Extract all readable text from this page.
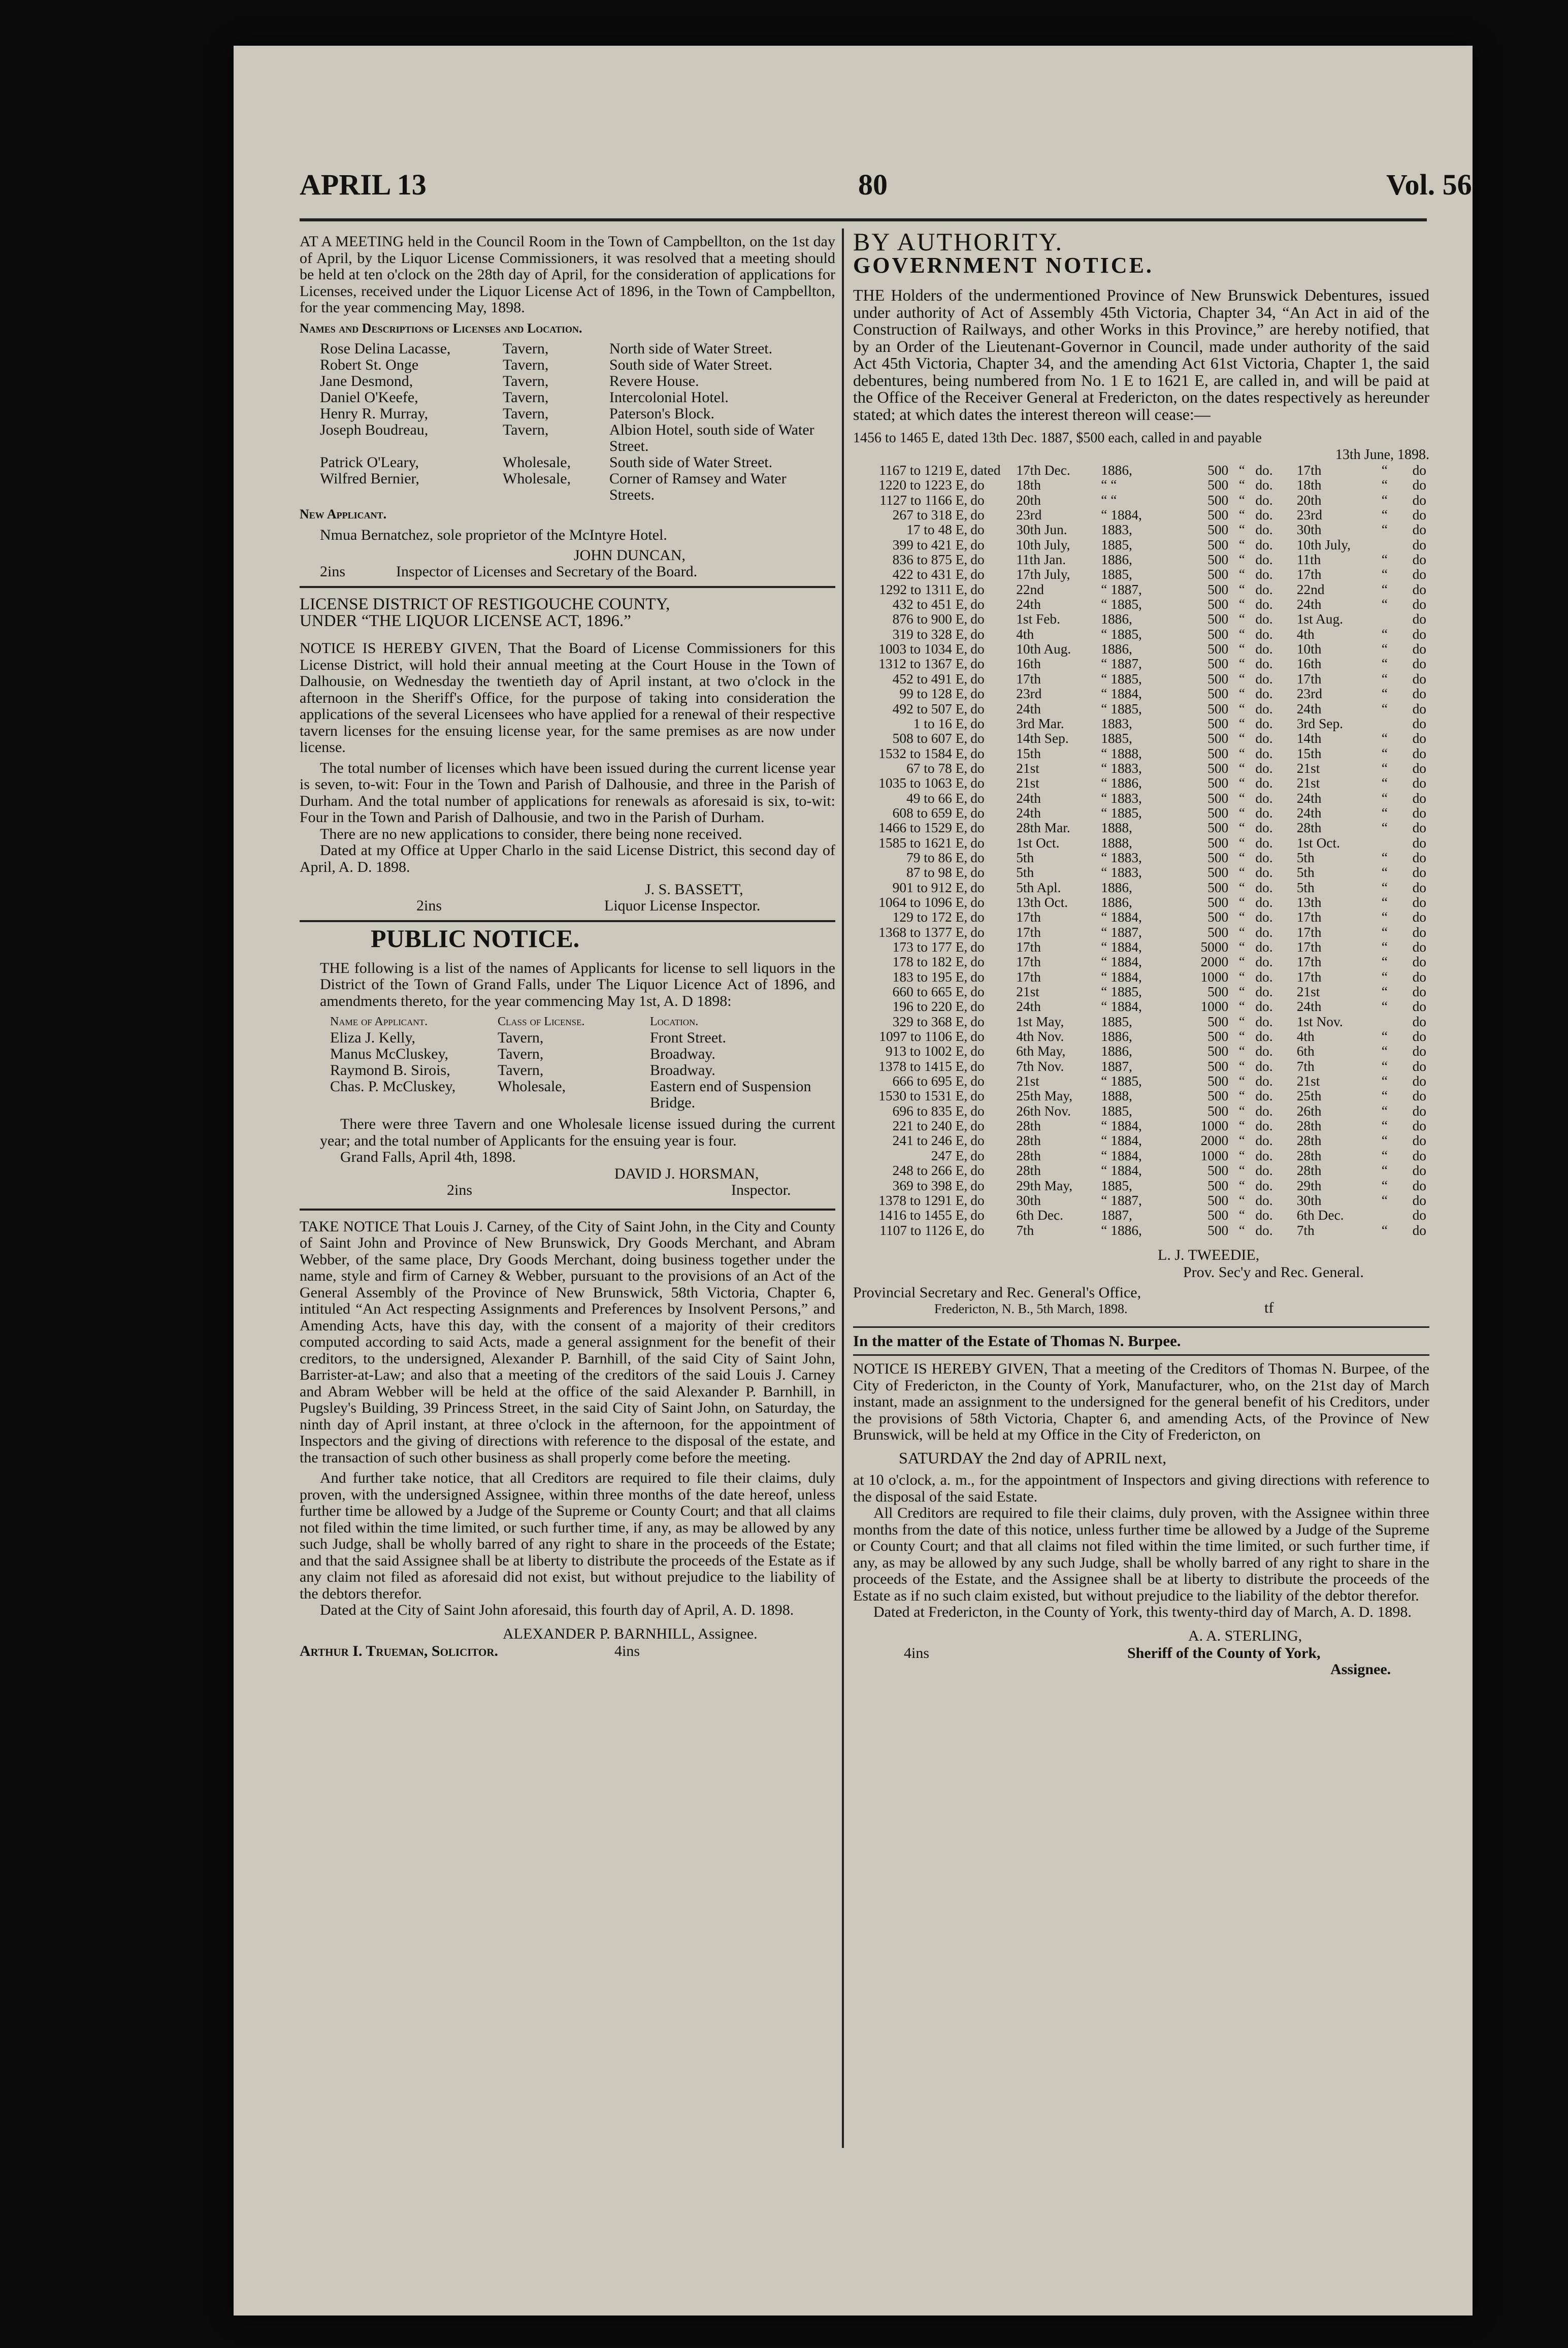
APRIL 13	80	Vol. 56

AT A MEETING held in the Council Room in the Town of Campbellton, on the 1st day of April, by the Liquor License Commissioners, it was resolved that a meeting should be held at ten o'clock on the 28th day of April, for the consideration of applications for Licenses, received under the Liquor License Act of 1896, in the Town of Campbellton, for the year commencing May, 1898.

Names and Descriptions of Licenses and Location.

Rose Delina Lacasse,	Tavern,	North side of Water Street.
Robert St. Onge	Tavern,	South side of Water Street.
Jane Desmond,	Tavern,	Revere House.
Daniel O'Keefe,	Tavern,	Intercolonial Hotel.
Henry R. Murray,	Tavern,	Paterson's Block.
Joseph Boudreau,	Tavern,	Albion Hotel, south side of Water Street.
Patrick O'Leary,	Wholesale,	South side of Water Street.
Wilfred Bernier,	Wholesale,	Corner of Ramsey and Water Streets.

New Applicant.

Nmua Bernatchez, sole proprietor of the McIntyre Hotel.

JOHN DUNCAN,
2ins	Inspector of Licenses and Secretary of the Board.

LICENSE DISTRICT OF RESTIGOUCHE COUNTY,

UNDER “THE LIQUOR LICENSE ACT, 1896.”

NOTICE IS HEREBY GIVEN, That the Board of License Commissioners for this License District, will hold their annual meeting at the Court House in the Town of Dalhousie, on Wednesday the twentieth day of April instant, at two o'clock in the afternoon in the Sheriff's Office, for the purpose of taking into consideration the applications of the several Licensees who have applied for a renewal of their respective tavern licenses for the ensuing license year, for the same premises as are now under license.

The total number of licenses which have been issued during the current license year is seven, to-wit: Four in the Town and Parish of Dalhousie, and three in the Parish of Durham. And the total number of applications for renewals as aforesaid is six, to-wit: Four in the Town and Parish of Dalhousie, and two in the Parish of Durham.

There are no new applications to consider, there being none received.

Dated at my Office at Upper Charlo in the said License District, this second day of April, A. D. 1898.

J. S. BASSETT,
2ins	Liquor License Inspector.

PUBLIC NOTICE.

THE following is a list of the names of Applicants for license to sell liquors in the District of the Town of Grand Falls, under The Liquor Licence Act of 1896, and amendments thereto, for the year commencing May 1st, A. D 1898:

Name of Applicant.	Class of License.	Location.
Eliza J. Kelly,	Tavern,	Front Street.
Manus McCluskey,	Tavern,	Broadway.
Raymond B. Sirois,	Tavern,	Broadway.
Chas. P. McCluskey,	Wholesale,	Eastern end of Suspension Bridge.

There were three Tavern and one Wholesale license issued during the current year; and the total number of Applicants for the ensuing year is four.

Grand Falls, April 4th, 1898.

DAVID J. HORSMAN,
2ins	Inspector.

TAKE NOTICE That Louis J. Carney, of the City of Saint John, in the City and County of Saint John and Province of New Brunswick, Dry Goods Merchant, and Abram Webber, of the same place, Dry Goods Merchant, doing business together under the name, style and firm of Carney & Webber, pursuant to the provisions of an Act of the General Assembly of the Province of New Brunswick, 58th Victoria, Chapter 6, intituled “An Act respecting Assignments and Preferences by Insolvent Persons,” and Amending Acts, have this day, with the consent of a majority of their creditors computed according to said Acts, made a general assignment for the benefit of their creditors, to the undersigned, Alexander P. Barnhill, of the said City of Saint John, Barrister-at-Law; and also that a meeting of the creditors of the said Louis J. Carney and Abram Webber will be held at the office of the said Alexander P. Barnhill, in Pugsley's Building, 39 Princess Street, in the said City of Saint John, on Saturday, the ninth day of April instant, at three o'clock in the afternoon, for the appointment of Inspectors and the giving of directions with reference to the disposal of the estate, and the transaction of such other business as shall properly come before the meeting.

And further take notice, that all Creditors are required to file their claims, duly proven, with the undersigned Assignee, within three months of the date hereof, unless further time be allowed by a Judge of the Supreme or County Court; and that all claims not filed within the time limited, or such further time, if any, as may be allowed by any such Judge, shall be wholly barred of any right to share in the proceeds of the Estate; and that the said Assignee shall be at liberty to distribute the proceeds of the Estate as if any claim not filed as aforesaid did not exist, but without prejudice to the liability of the debtors therefor.

Dated at the City of Saint John aforesaid, this fourth day of April, A. D. 1898.

ALEXANDER P. BARNHILL, Assignee.
Arthur I. Trueman, Solicitor.	4ins

BY AUTHORITY.

GOVERNMENT NOTICE.

THE Holders of the undermentioned Province of New Brunswick Debentures, issued under authority of Act of Assembly 45th Victoria, Chapter 34, “An Act in aid of the Construction of Railways, and other Works in this Province,” are hereby notified, that by an Order of the Lieutenant-Governor in Council, made under authority of the said Act 45th Victoria, Chapter 34, and the amending Act 61st Victoria, Chapter 1, the said debentures, being numbered from No. 1 E to 1621 E, are called in, and will be paid at the Office of the Receiver General at Fredericton, on the dates respectively as hereunder stated; at which dates the interest thereon will cease:—

1456 to 1465 E, dated 13th Dec. 1887, $500 each, called in and payable

13th June, 1898.

1167 to 1219 E,	dated	17th Dec.	1886,	500	“	do.	17th	“	do
1220 to 1223 E,	do	18th	“ “	500	“	do.	18th	“	do
1127 to 1166 E,	do	20th	“ “	500	“	do.	20th	“	do
267 to 318 E,	do	23rd	“ 1884,	500	“	do.	23rd	“	do
17 to 48 E,	do	30th Jun.	1883,	500	“	do.	30th	“	do
399 to 421 E,	do	10th July,	1885,	500	“	do.	10th July,		do
836 to 875 E,	do	11th Jan.	1886,	500	“	do.	11th	“	do
422 to 431 E,	do	17th July,	1885,	500	“	do.	17th	“	do
1292 to 1311 E,	do	22nd	“ 1887,	500	“	do.	22nd	“	do
432 to 451 E,	do	24th	“ 1885,	500	“	do.	24th	“	do
876 to 900 E,	do	1st Feb.	1886,	500	“	do.	1st Aug.		do
319 to 328 E,	do	4th	“ 1885,	500	“	do.	4th	“	do
1003 to 1034 E,	do	10th Aug.	1886,	500	“	do.	10th	“	do
1312 to 1367 E,	do	16th	“ 1887,	500	“	do.	16th	“	do
452 to 491 E,	do	17th	“ 1885,	500	“	do.	17th	“	do
99 to 128 E,	do	23rd	“ 1884,	500	“	do.	23rd	“	do
492 to 507 E,	do	24th	“ 1885,	500	“	do.	24th	“	do
1 to 16 E,	do	3rd Mar.	1883,	500	“	do.	3rd Sep.		do
508 to 607 E,	do	14th Sep.	1885,	500	“	do.	14th	“	do
1532 to 1584 E,	do	15th	“ 1888,	500	“	do.	15th	“	do
67 to 78 E,	do	21st	“ 1883,	500	“	do.	21st	“	do
1035 to 1063 E,	do	21st	“ 1886,	500	“	do.	21st	“	do
49 to 66 E,	do	24th	“ 1883,	500	“	do.	24th	“	do
608 to 659 E,	do	24th	“ 1885,	500	“	do.	24th	“	do
1466 to 1529 E,	do	28th Mar.	1888,	500	“	do.	28th	“	do
1585 to 1621 E,	do	1st Oct.	1888,	500	“	do.	1st Oct.		do
79 to 86 E,	do	5th	“ 1883,	500	“	do.	5th	“	do
87 to 98 E,	do	5th	“ 1883,	500	“	do.	5th	“	do
901 to 912 E,	do	5th Apl.	1886,	500	“	do.	5th	“	do
1064 to 1096 E,	do	13th Oct.	1886,	500	“	do.	13th	“	do
129 to 172 E,	do	17th	“ 1884,	500	“	do.	17th	“	do
1368 to 1377 E,	do	17th	“ 1887,	500	“	do.	17th	“	do
173 to 177 E,	do	17th	“ 1884,	5000	“	do.	17th	“	do
178 to 182 E,	do	17th	“ 1884,	2000	“	do.	17th	“	do
183 to 195 E,	do	17th	“ 1884,	1000	“	do.	17th	“	do
660 to 665 E,	do	21st	“ 1885,	500	“	do.	21st	“	do
196 to 220 E,	do	24th	“ 1884,	1000	“	do.	24th	“	do
329 to 368 E,	do	1st May,	1885,	500	“	do.	1st Nov.		do
1097 to 1106 E,	do	4th Nov.	1886,	500	“	do.	4th	“	do
913 to 1002 E,	do	6th May,	1886,	500	“	do.	6th	“	do
1378 to 1415 E,	do	7th Nov.	1887,	500	“	do.	7th	“	do
666 to 695 E,	do	21st	“ 1885,	500	“	do.	21st	“	do
1530 to 1531 E,	do	25th May,	1888,	500	“	do.	25th	“	do
696 to 835 E,	do	26th Nov.	1885,	500	“	do.	26th	“	do
221 to 240 E,	do	28th	“ 1884,	1000	“	do.	28th	“	do
241 to 246 E,	do	28th	“ 1884,	2000	“	do.	28th	“	do
247 E,	do	28th	“ 1884,	1000	“	do.	28th	“	do
248 to 266 E,	do	28th	“ 1884,	500	“	do.	28th	“	do
369 to 398 E,	do	29th May,	1885,	500	“	do.	29th	“	do
1378 to 1291 E,	do	30th	“ 1887,	500	“	do.	30th	“	do
1416 to 1455 E,	do	6th Dec.	1887,	500	“	do.	6th Dec.		do
1107 to 1126 E,	do	7th	“ 1886,	500	“	do.	7th	“	do
L. J. TWEEDIE,
Prov. Sec'y and Rec. General.
Provincial Secretary and Rec. General's Office,
Fredericton, N. B., 5th March, 1898.	tf

In the matter of the Estate of Thomas N. Burpee.

NOTICE IS HEREBY GIVEN, That a meeting of the Creditors of Thomas N. Burpee, of the City of Fredericton, in the County of York, Manufacturer, who, on the 21st day of March instant, made an assignment to the undersigned for the general benefit of his Creditors, under the provisions of 58th Victoria, Chapter 6, and amending Acts, of the Province of New Brunswick, will be held at my Office in the City of Fredericton, on

SATURDAY the 2nd day of APRIL next,

at 10 o'clock, a. m., for the appointment of Inspectors and giving directions with reference to the disposal of the said Estate.

All Creditors are required to file their claims, duly proven, with the Assignee within three months from the date of this notice, unless further time be allowed by a Judge of the Supreme or County Court; and that all claims not filed within the time limited, or such further time, if any, as may be allowed by any such Judge, shall be wholly barred of any right to share in the proceeds of the Estate, and the Assignee shall be at liberty to distribute the proceeds of the Estate as if no such claim existed, but without prejudice to the liability of the debtor therefor.

Dated at Fredericton, in the County of York, this twenty-third day of March, A. D. 1898.

A. A. STERLING,
4ins	Sheriff of the County of York,
Assignee.
